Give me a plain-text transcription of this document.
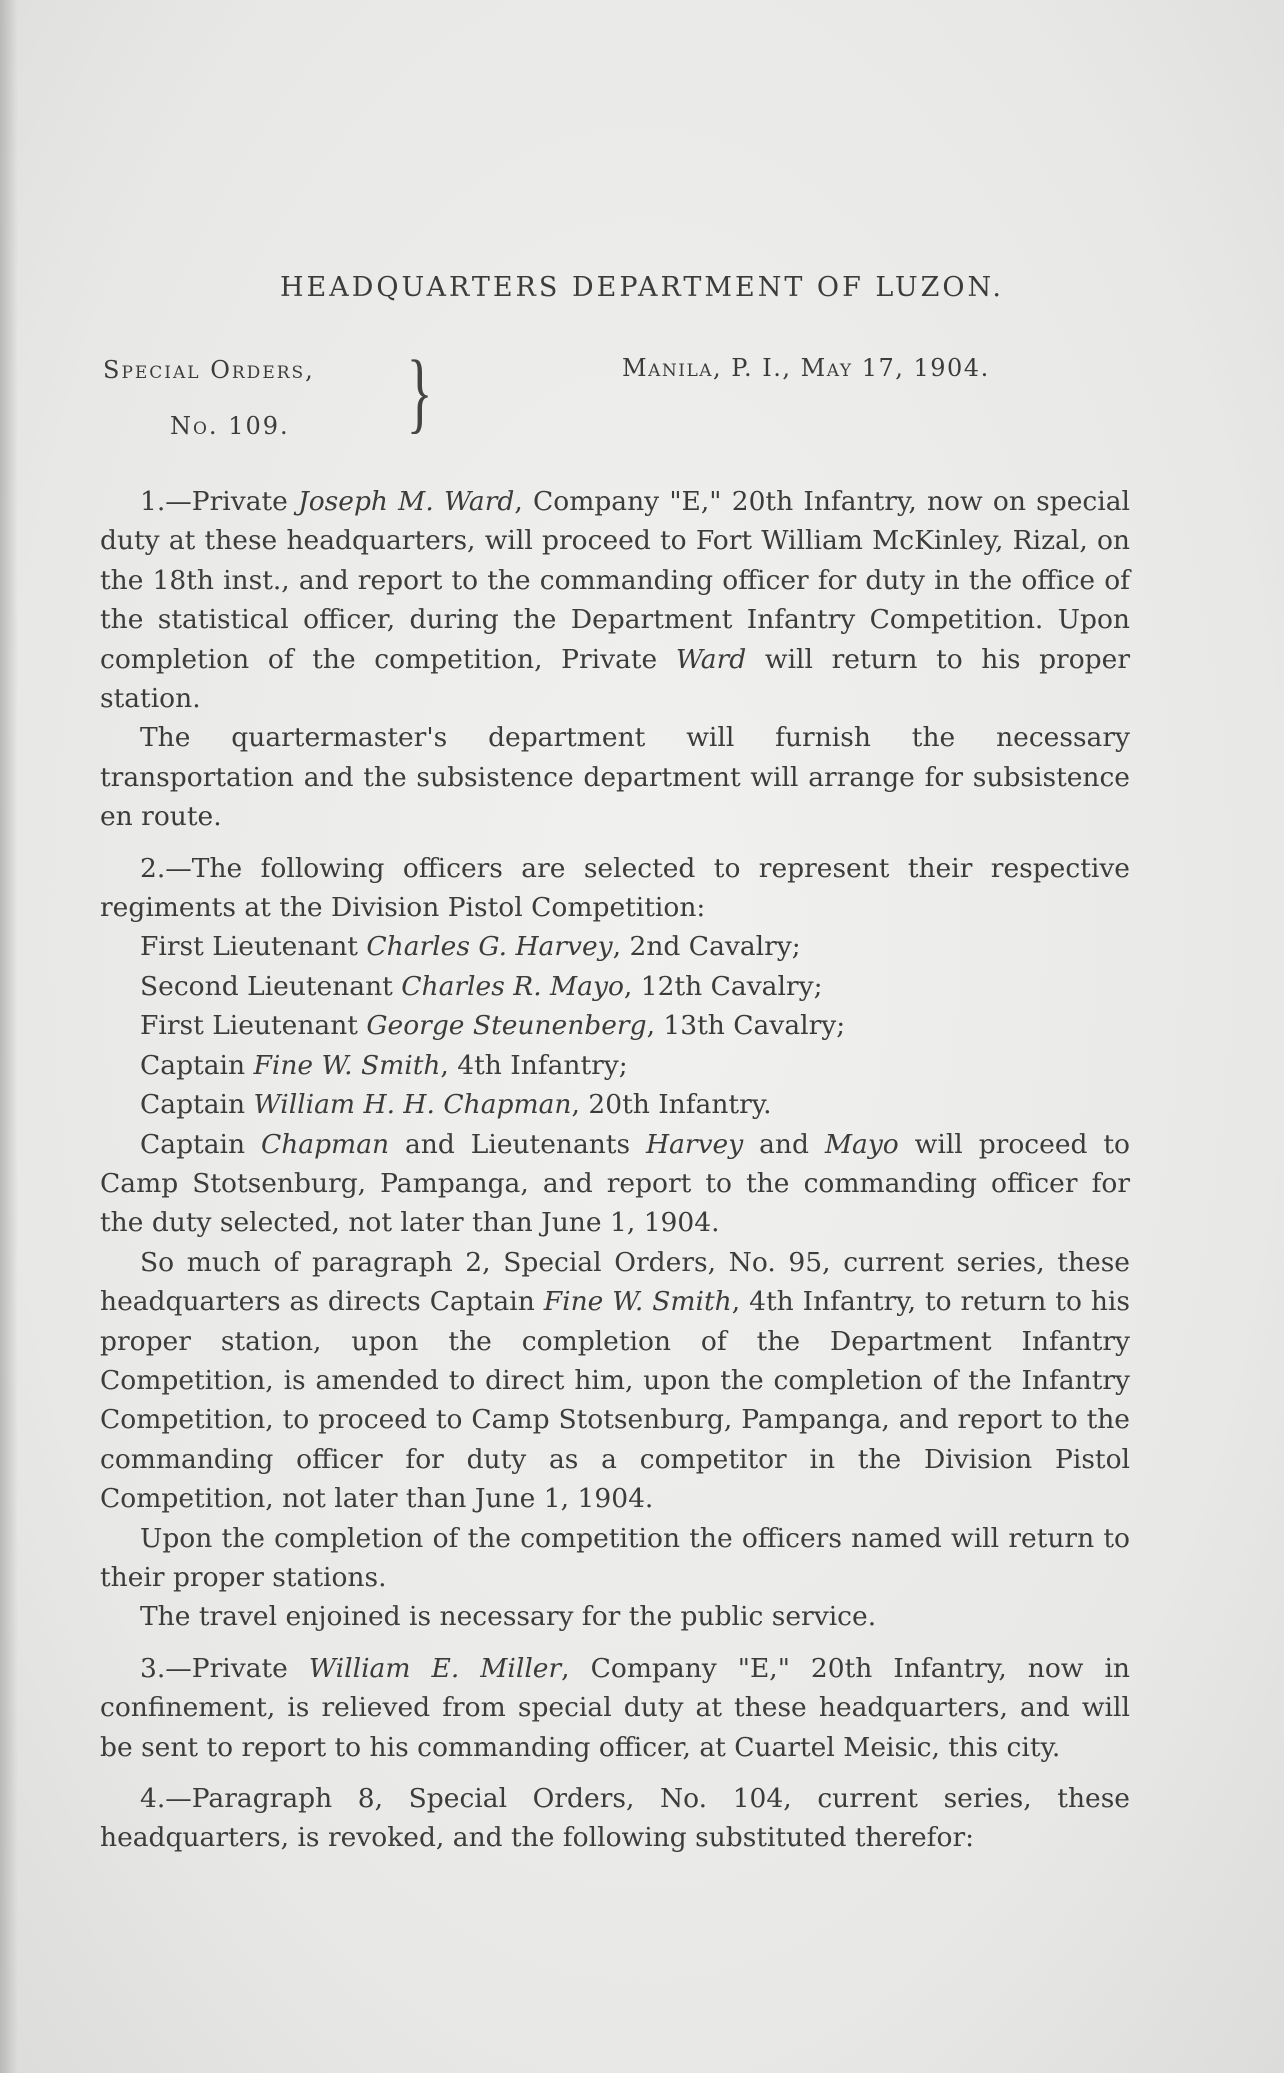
HEADQUARTERS DEPARTMENT OF LUZON.
Special Orders,
No. 109. }	Manila, P. I., May 17, 1904.

1.—Private Joseph M. Ward, Company "E," 20th Infantry, now on special duty at these headquarters, will proceed to Fort William McKinley, Rizal, on the 18th inst., and report to the commanding officer for duty in the office of the statistical officer, during the Department Infantry Competition. Upon completion of the competition, Private Ward will return to his proper station.

The quartermaster's department will furnish the necessary transportation and the subsistence department will arrange for subsistence en route.

2.—The following officers are selected to represent their respective regiments at the Division Pistol Competition:

First Lieutenant Charles G. Harvey, 2nd Cavalry;
Second Lieutenant Charles R. Mayo, 12th Cavalry;
First Lieutenant George Steunenberg, 13th Cavalry;
Captain Fine W. Smith, 4th Infantry;
Captain William H. H. Chapman, 20th Infantry.

Captain Chapman and Lieutenants Harvey and Mayo will proceed to Camp Stotsenburg, Pampanga, and report to the commanding officer for the duty selected, not later than June 1, 1904.

So much of paragraph 2, Special Orders, No. 95, current series, these headquarters as directs Captain Fine W. Smith, 4th Infantry, to return to his proper station, upon the completion of the Department Infantry Competition, is amended to direct him, upon the completion of the Infantry Competition, to proceed to Camp Stotsenburg, Pampanga, and report to the commanding officer for duty as a competitor in the Division Pistol Competition, not later than June 1, 1904.

Upon the completion of the competition the officers named will return to their proper stations.

The travel enjoined is necessary for the public service.

3.—Private William E. Miller, Company "E," 20th Infantry, now in confinement, is relieved from special duty at these headquarters, and will be sent to report to his commanding officer, at Cuartel Meisic, this city.

4.—Paragraph 8, Special Orders, No. 104, current series, these headquarters, is revoked, and the following substituted therefor:
